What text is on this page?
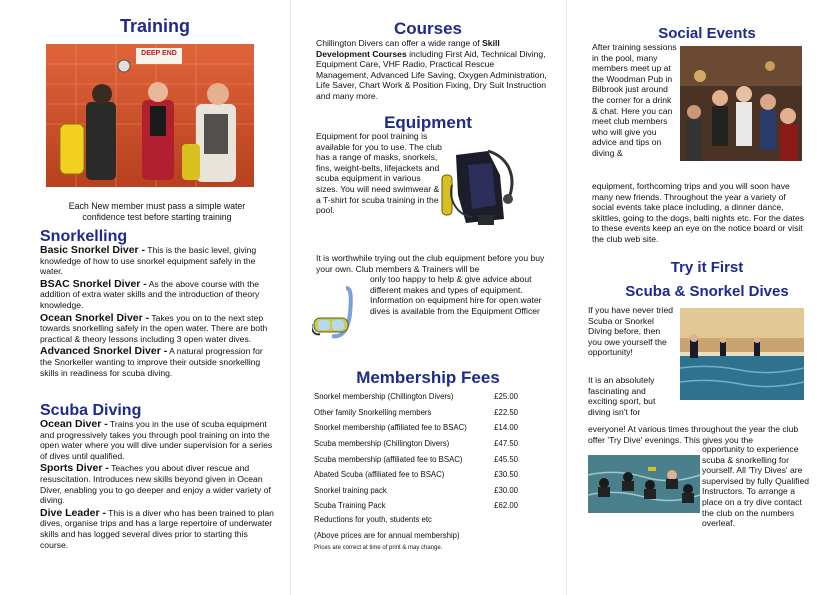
Training
DEEP END
Each New member must pass a simple water confidence test before starting training
Snorkelling
Basic Snorkel Diver - This is the basic level, giving knowledge of how to use snorkel equipment safely in the water.
BSAC Snorkel Diver - As the above course with the addition of extra water skills and the introduction of theory knowledge.
Ocean Snorkel Diver - Takes you on to the next step towards snorkelling safely in the open water. There are both practical & theory lessons including 3 open water dives.
Advanced Snorkel Diver - A natural progression for the Snorkeller wanting to improve their outside snorkelling skills in readiness for scuba diving.
Scuba Diving
Ocean Diver - Trains you in the use of scuba equipment and progressively takes you through pool training on into the open water where you will dive under supervision for a series of dives until qualified.
Sports Diver - Teaches you about diver rescue and resuscitation. Introduces new skills beyond given in Ocean Diver, enabling you to go deeper and enjoy a wider variety of diving.
Dive Leader - This is a diver who has been trained to plan dives, organise trips and has a large repertoire of underwater skills and has logged several dives prior to starting this course.
Courses
Chillington Divers can offer a wide range of Skill Development Courses including First Aid, Technical Diving, Equipment Care, VHF Radio, Practical Rescue Management, Advanced Life Saving, Oxygen Administration, Life Saver, Chart Work & Position Fixing, Dry Suit Instruction and many more.
Equipment
Equipment for pool training is available for you to use. The club has a range of masks, snorkels, fins, weight-belts, lifejackets and scuba equipment in various sizes. You will need swimwear & a T-shirt for scuba training in the pool.
It is worthwhile trying out the club equipment before you buy your own. Club members & Trainers will be
only too happy to help & give advice about different makes and types of equipment. Information on equipment hire for open water dives is available from the Equipment Officer
Membership Fees
Snorkel membership (Chillington Divers)	£25.00
Other family Snorkelling members	£22.50
Snorkel membership (affiliated fee to BSAC)	£14.00
Scuba membership (Chillington Divers)	£47.50
Scuba membership (affiliated fee to BSAC)	£45.50
Abated Scuba (affiliated fee to BSAC)	£30.50
Snorkel training pack	£30.00
Scuba Training Pack	£62.00
Reductions for youth, students etc
(Above prices are for annual membership)
Prices are correct at time of print & may change.
Social Events
After training sessions in the pool, many members meet up at the Woodman Pub in Bilbrook just around the corner for a drink & chat. Here you can meet club members who will give you advice and tips on diving &
equipment, forthcoming trips and you will soon have many new friends. Throughout the year a variety of social events take place including, a dinner dance, skittles, going to the dogs, balti nights etc. For the dates to these events keep an eye on the notice board or visit the club web site.
Try it First
Scuba & Snorkel Dives
If you have never tried Scuba or Snorkel Diving before, then you owe yourself the opportunity!
It is an absolutely fascinating and exciting sport, but diving isn't for
everyone! At various times throughout the year the club offer 'Try Dive' evenings. This gives you the
opportunity to experience scuba & snorkelling for yourself. All 'Try Dives' are supervised by fully Qualified Instructors. To arrange a place on a try dive contact the club on the numbers overleaf.
